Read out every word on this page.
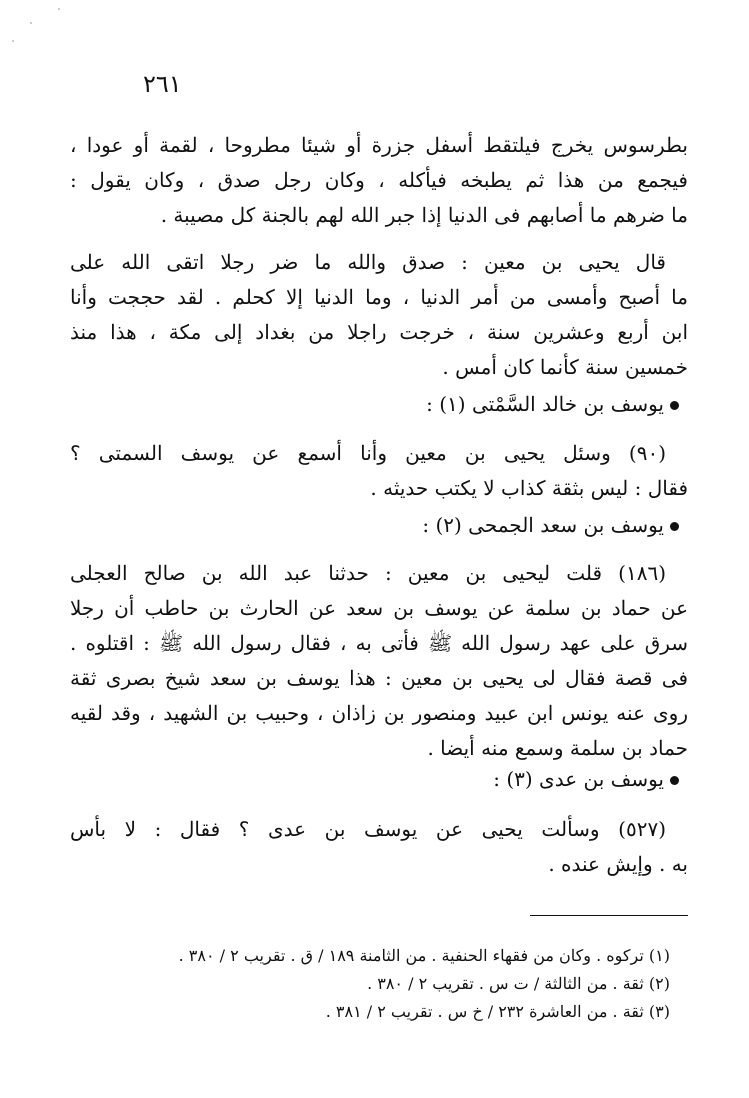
٢٦١
بطرسوس يخرج فيلتقط أسفل جزرة أو شيئا مطروحا ، لقمة أو عودا ،
فيجمع من هذا ثم يطبخه فيأكله ، وكان رجل صدق ، وكان يقول :
ما ضرهم ما أصابهم فى الدنيا إذا جبر الله لهم بالجنة كل مصيبة .
قال يحيى بن معين : صدق والله ما ضر رجلا اتقى الله على
ما أصبح وأمسى من أمر الدنيا ، وما الدنيا إلا كحلم . لقد حججت وأنا
ابن أربع وعشرين سنة ، خرجت راجلا من بغداد إلى مكة ، هذا منذ
خمسين سنة كأنما كان أمس .
يوسف بن خالد السَّمْتى (١) :
(٩٠) وسئل يحيى بن معين وأنا أسمع عن يوسف السمتى ؟
فقال : ليس بثقة كذاب لا يكتب حديثه .
يوسف بن سعد الجمحى (٢) :
(١٨٦) قلت ليحيى بن معين : حدثنا عبد الله بن صالح العجلى
عن حماد بن سلمة عن يوسف بن سعد عن الحارث بن حاطب أن رجلا
سرق على عهد رسول الله ﷺ فأتى به ، فقال رسول الله ﷺ : اقتلوه .
فى قصة فقال لى يحيى بن معين : هذا يوسف بن سعد شيخ بصرى ثقة
روى عنه يونس ابن عبيد ومنصور بن زاذان ، وحبيب بن الشهيد ، وقد لقيه
حماد بن سلمة وسمع منه أيضا .
يوسف بن عدى (٣) :
(٥٢٧) وسألت يحيى عن يوسف بن عدى ؟ فقال : لا بأس
به . وإيش عنده .
(١) تركوه . وكان من فقهاء الحنفية . من الثامنة ١٨٩ / ق . تقريب ٢ / ٣٨٠ .
(٢) ثقة . من الثالثة / ت س . تقريب ٢ / ٣٨٠ .
(٣) ثقة . من العاشرة ٢٣٢ / خ س . تقريب ٢ / ٣٨١ .
